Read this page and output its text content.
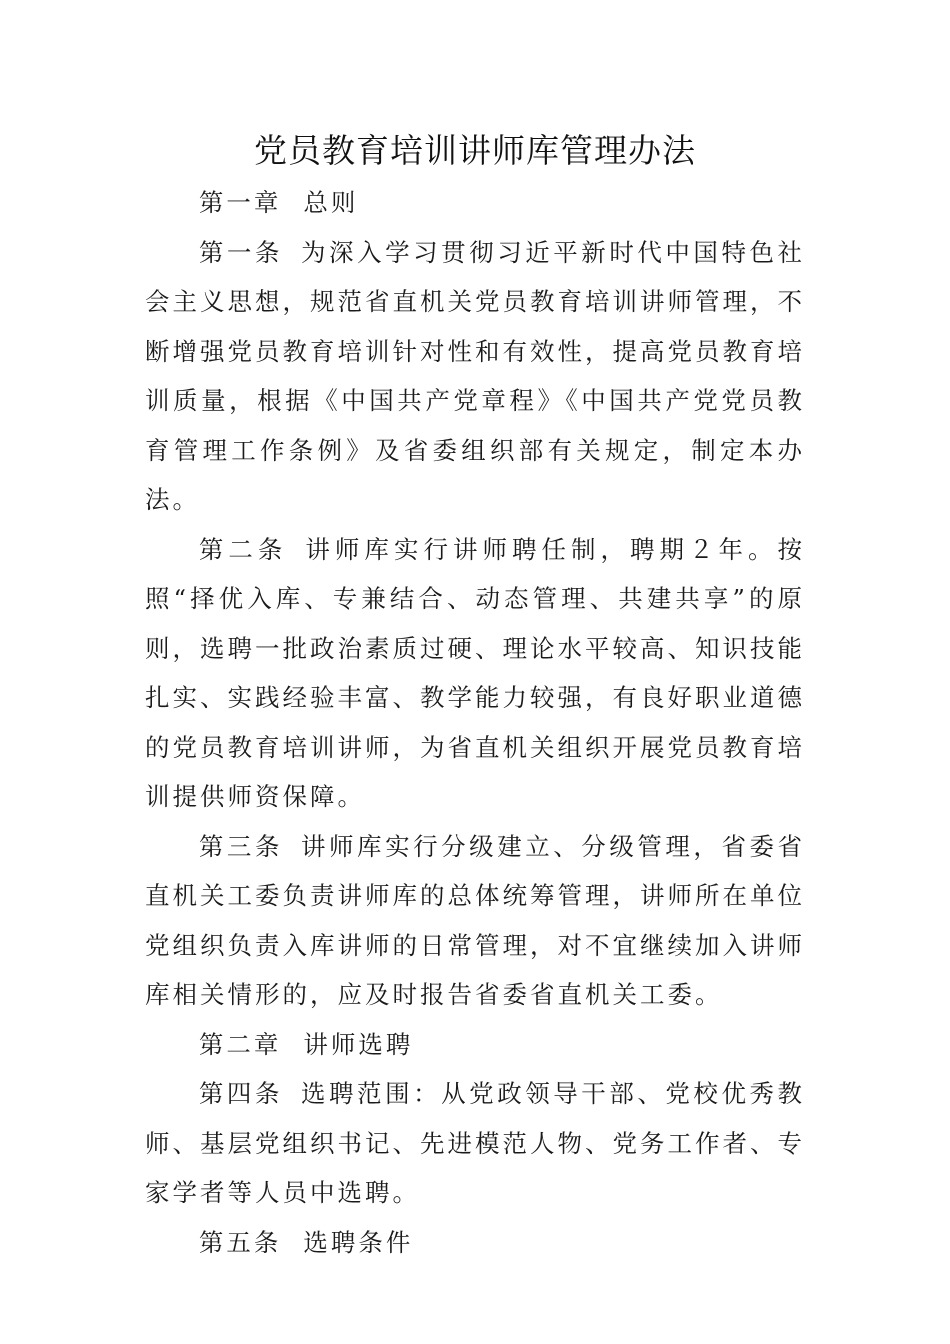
党员教育培训讲师库管理办法

第一章 总则

第一条 为深入学习贯彻习近平新时代中国特色社会主义思想，规范省直机关党员教育培训讲师管理，不断增强党员教育培训针对性和有效性，提高党员教育培训质量，根据《中国共产党章程》《中国共产党党员教育管理工作条例》及省委组织部有关规定，制定本办法。

第二条 讲师库实行讲师聘任制，聘期２年。按照“择优入库、专兼结合、动态管理、共建共享”的原则，选聘一批政治素质过硬、理论水平较高、知识技能扎实、实践经验丰富、教学能力较强，有良好职业道德的党员教育培训讲师，为省直机关组织开展党员教育培训提供师资保障。

第三条 讲师库实行分级建立、分级管理，省委省直机关工委负责讲师库的总体统筹管理，讲师所在单位党组织负责入库讲师的日常管理，对不宜继续加入讲师库相关情形的，应及时报告省委省直机关工委。

第二章 讲师选聘

第四条 选聘范围：从党政领导干部、党校优秀教师、基层党组织书记、先进模范人物、党务工作者、专家学者等人员中选聘。

第五条 选聘条件
